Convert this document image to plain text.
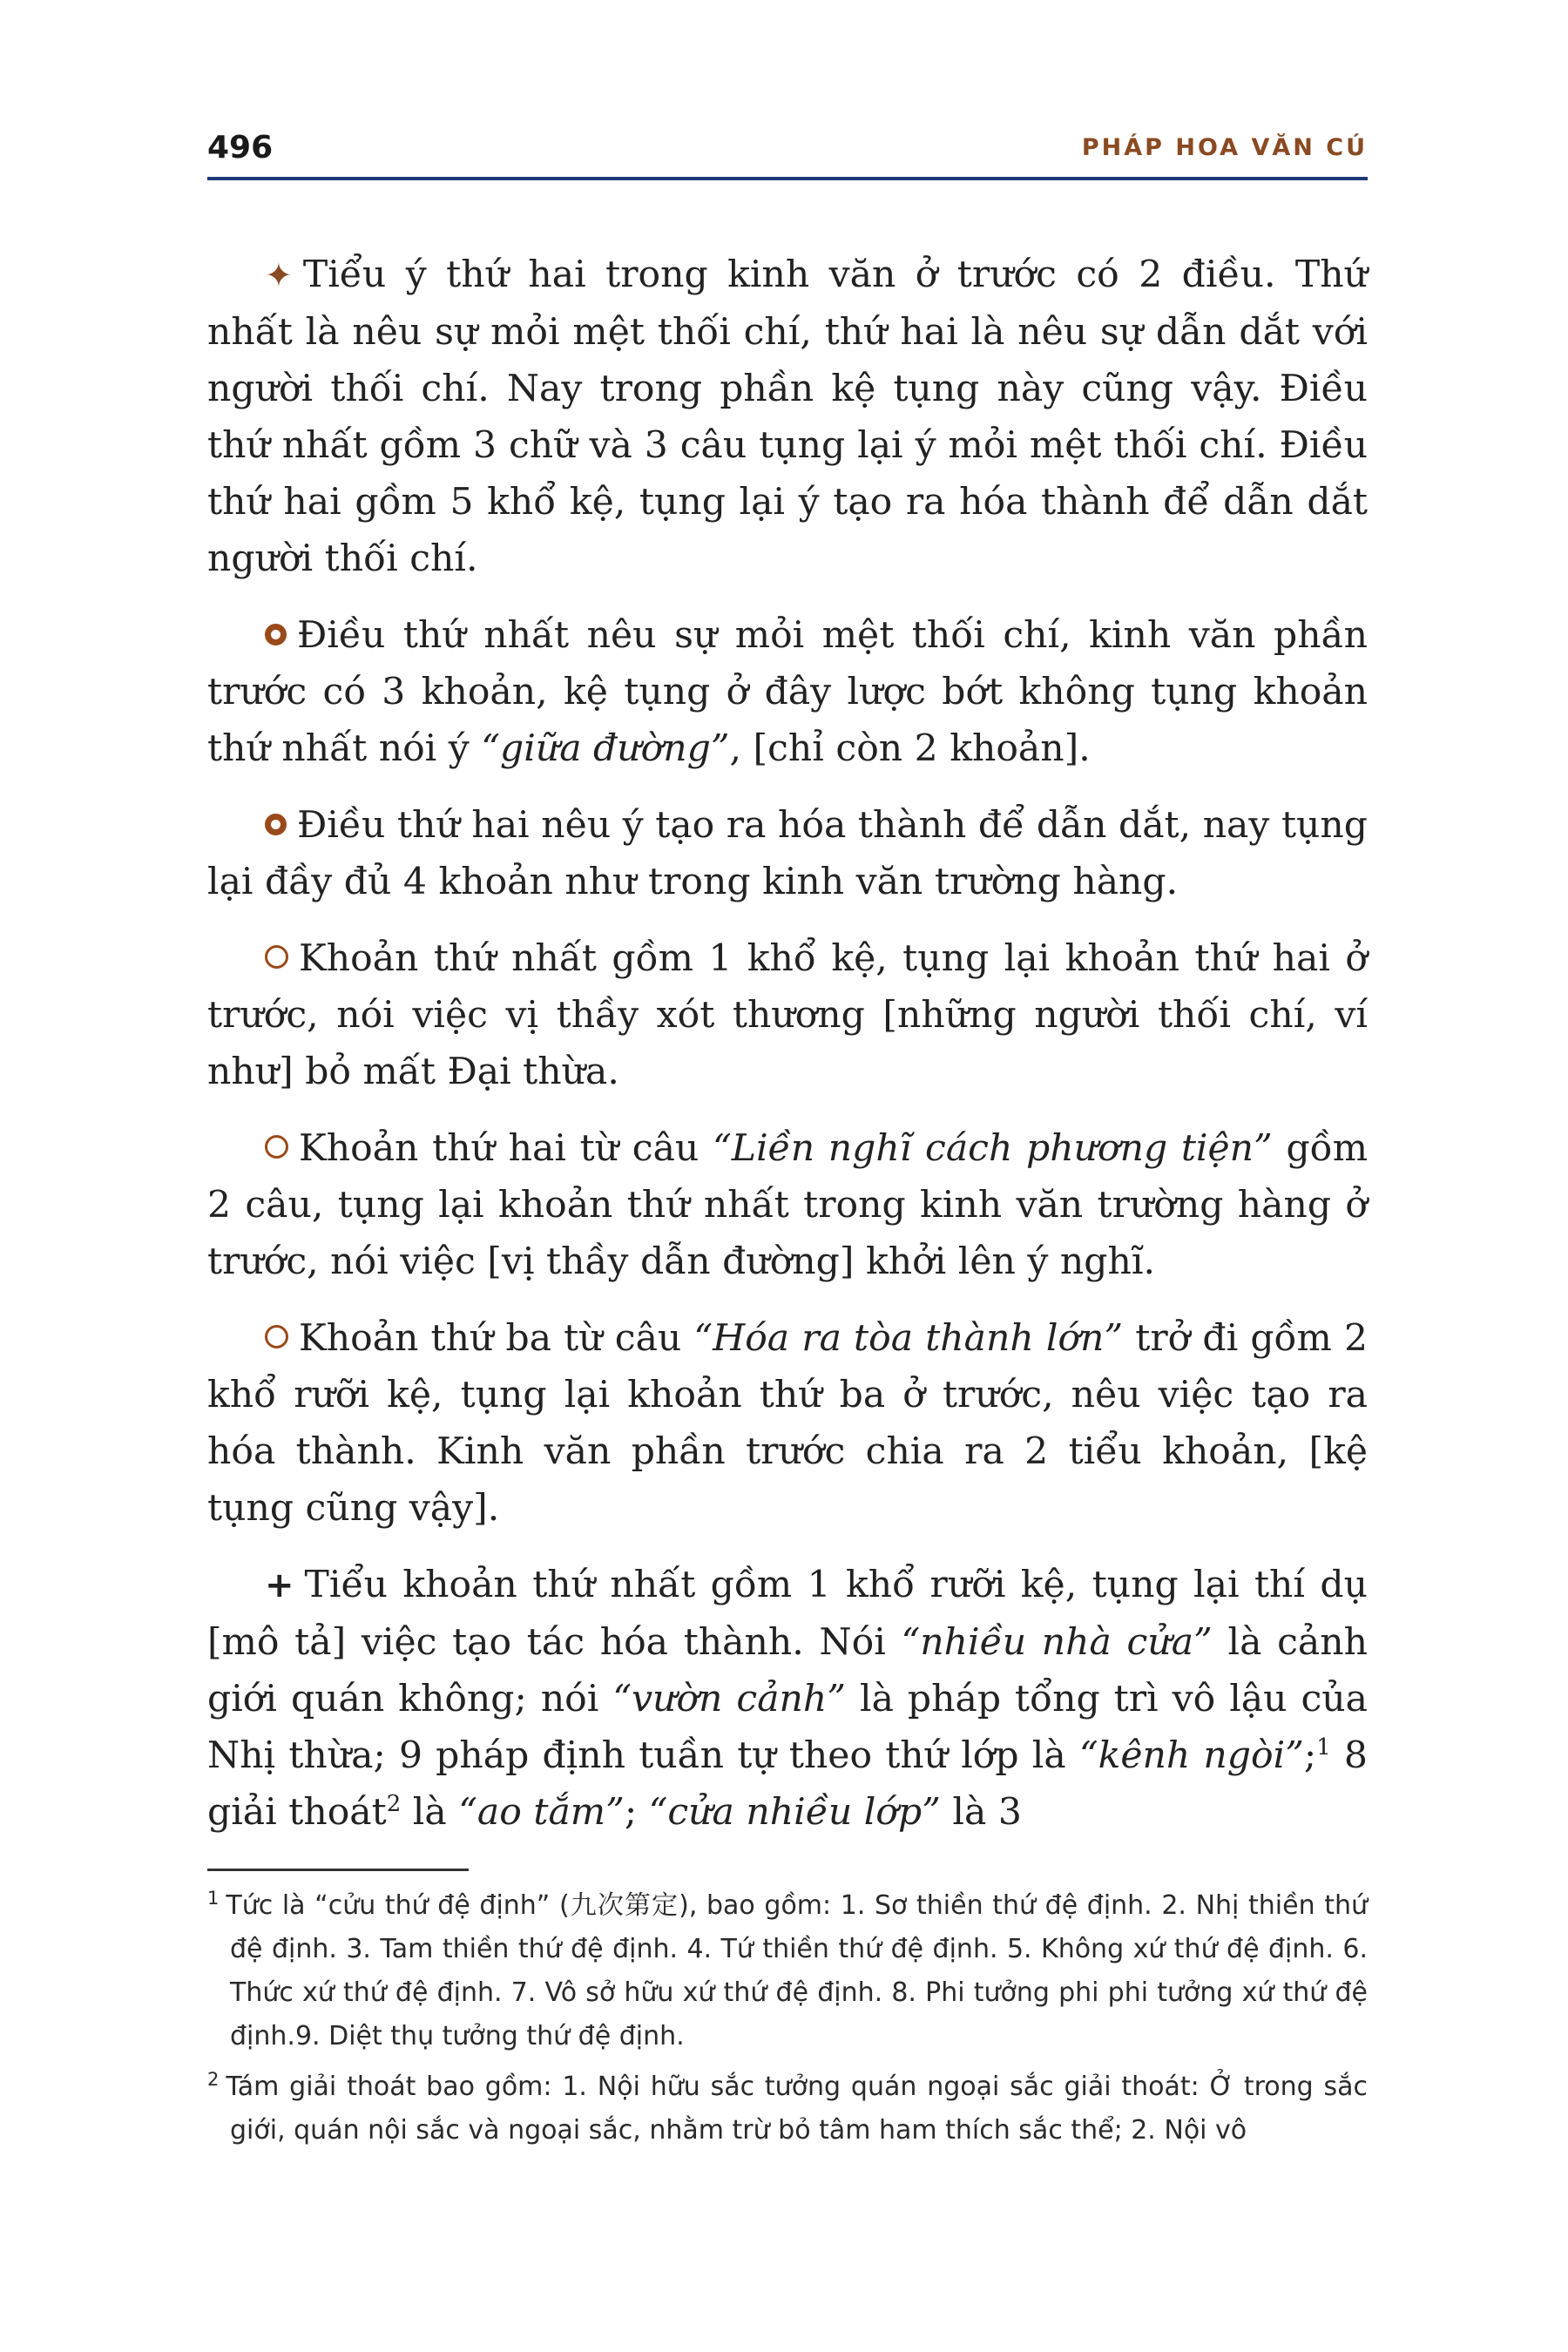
496	PHÁP HOA VĂN CÚ

✦ Tiểu ý thứ hai trong kinh văn ở trước có 2 điều. Thứ nhất là nêu sự mỏi mệt thối chí, thứ hai là nêu sự dẫn dắt với người thối chí. Nay trong phần kệ tụng này cũng vậy. Điều thứ nhất gồm 3 chữ và 3 câu tụng lại ý mỏi mệt thối chí. Điều thứ hai gồm 5 khổ kệ, tụng lại ý tạo ra hóa thành để dẫn dắt người thối chí.

Điều thứ nhất nêu sự mỏi mệt thối chí, kinh văn phần trước có 3 khoản, kệ tụng ở đây lược bớt không tụng khoản thứ nhất nói ý “giữa đường”, [chỉ còn 2 khoản].

Điều thứ hai nêu ý tạo ra hóa thành để dẫn dắt, nay tụng lại đầy đủ 4 khoản như trong kinh văn trường hàng.

Khoản thứ nhất gồm 1 khổ kệ, tụng lại khoản thứ hai ở trước, nói việc vị thầy xót thương [những người thối chí, ví như] bỏ mất Đại thừa.

Khoản thứ hai từ câu “Liền nghĩ cách phương tiện” gồm 2 câu, tụng lại khoản thứ nhất trong kinh văn trường hàng ở trước, nói việc [vị thầy dẫn đường] khởi lên ý nghĩ.

Khoản thứ ba từ câu “Hóa ra tòa thành lớn” trở đi gồm 2 khổ rưỡi kệ, tụng lại khoản thứ ba ở trước, nêu việc tạo ra hóa thành. Kinh văn phần trước chia ra 2 tiểu khoản, [kệ tụng cũng vậy].

+ Tiểu khoản thứ nhất gồm 1 khổ rưỡi kệ, tụng lại thí dụ [mô tả] việc tạo tác hóa thành. Nói “nhiều nhà cửa” là cảnh giới quán không; nói “vườn cảnh” là pháp tổng trì vô lậu của Nhị thừa; 9 pháp định tuần tự theo thứ lớp là “kênh ngòi”;$^1$ 8 giải thoát$^2$ là “ao tắm”; “cửa nhiều lớp” là 3

$^1$ Tức là “cửu thứ đệ định” (九次第定), bao gồm: 1. Sơ thiền thứ đệ định. 2. Nhị thiền thứ đệ định. 3. Tam thiền thứ đệ định. 4. Tứ thiền thứ đệ định. 5. Không xứ thứ đệ định. 6. Thức xứ thứ đệ định. 7. Vô sở hữu xứ thứ đệ định. 8. Phi tưởng phi phi tưởng xứ thứ đệ định.9. Diệt thụ tưởng thứ đệ định.

$^2$ Tám giải thoát bao gồm: 1. Nội hữu sắc tưởng quán ngoại sắc giải thoát: Ở trong sắc giới, quán nội sắc và ngoại sắc, nhằm trừ bỏ tâm ham thích sắc thể; 2. Nội vô
